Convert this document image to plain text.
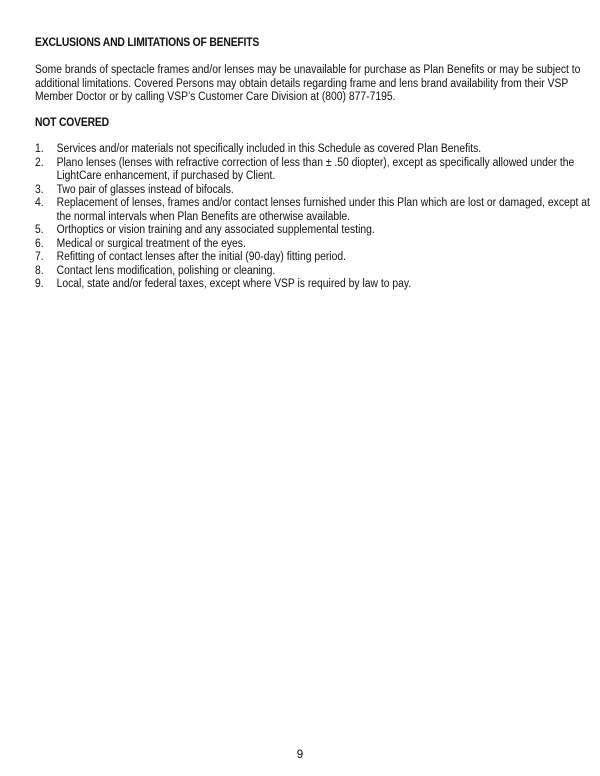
EXCLUSIONS AND LIMITATIONS OF BENEFITS
Some brands of spectacle frames and/or lenses may be unavailable for purchase as Plan Benefits or may be subject to
additional limitations. Covered Persons may obtain details regarding frame and lens brand availability from their VSP
Member Doctor or by calling VSP’s Customer Care Division at (800) 877-7195.
NOT COVERED
1.	Services and/or materials not specifically included in this Schedule as covered Plan Benefits.
2.	Plano lenses (lenses with refractive correction of less than ± .50 diopter), except as specifically allowed under the
LightCare enhancement, if purchased by Client.
3.	Two pair of glasses instead of bifocals.
4.	Replacement of lenses, frames and/or contact lenses furnished under this Plan which are lost or damaged, except at
the normal intervals when Plan Benefits are otherwise available.
5.	Orthoptics or vision training and any associated supplemental testing.
6.	Medical or surgical treatment of the eyes.
7.	Refitting of contact lenses after the initial (90-day) fitting period.
8.	Contact lens modification, polishing or cleaning.
9.	Local, state and/or federal taxes, except where VSP is required by law to pay.
9
